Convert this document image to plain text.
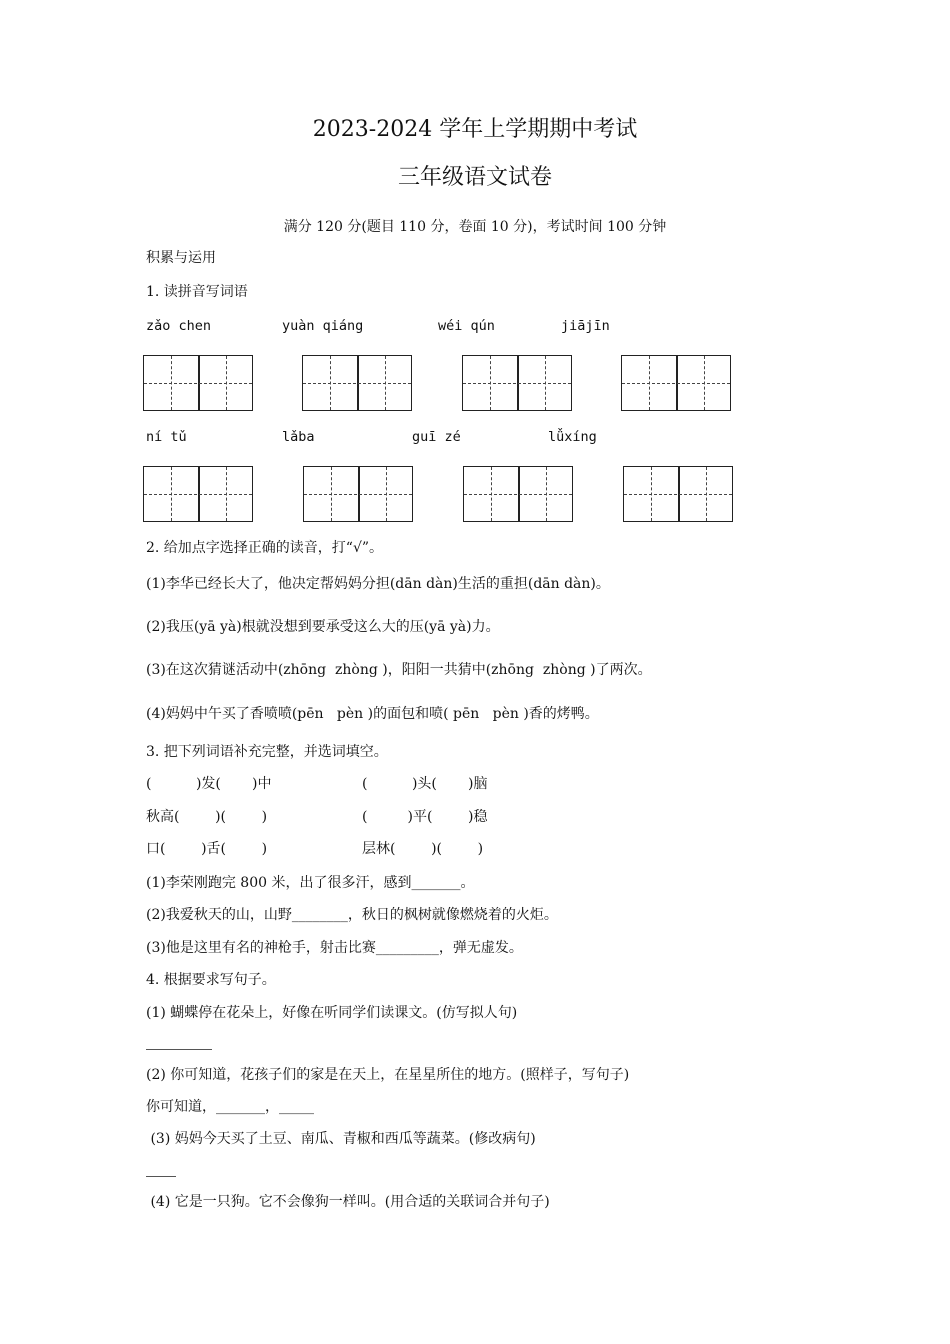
2023-2024 学年上学期期中考试
三年级语文试卷
满分 120 分(题目 110 分，卷面 10 分)，考试时间 100 分钟
积累与运用
1. 读拼音写词语
zǎo chen	yuàn qiáng	wéi qún	jiājīn
ní tǔ	lǎba	guī zé	lǚxíng
2. 给加点字选择正确的读音，打“√”。
(1)李华已经长大了，他决定帮妈妈分担(dān dàn)生活的重担(dān dàn)。
(2)我压(yā yà)根就没想到要承受这么大的压(yā yà)力。
(3)在这次猜谜活动中(zhōng  zhòng )，阳阳一共猜中(zhōng  zhòng )了两次。
(4)妈妈中午买了香喷喷(pēn   pèn )的面包和喷( pēn   pèn )香的烤鸭。
3. 把下列词语补充完整，并选词填空。
(          )发(       )中	(          )头(       )脑
秋高(        )(        )	(         )平(        )稳
口(        )舌(        )	层林(        )(        )
(1)李荣刚跑完 800 米，出了很多汗，感到_______。
(2)我爱秋天的山，山野________，秋日的枫树就像燃烧着的火炬。
(3)他是这里有名的神枪手，射击比赛_________，弹无虚发。
4. 根据要求写句子。
(1) 蝴蝶停在花朵上，好像在听同学们读课文。(仿写拟人句)
(2) 你可知道，花孩子们的家是在天上，在星星所住的地方。(照样子，写句子)
你可知道，_______，_____
(3) 妈妈今天买了土豆、南瓜、青椒和西瓜等蔬菜。(修改病句)
(4) 它是一只狗。它不会像狗一样叫。(用合适的关联词合并句子)
